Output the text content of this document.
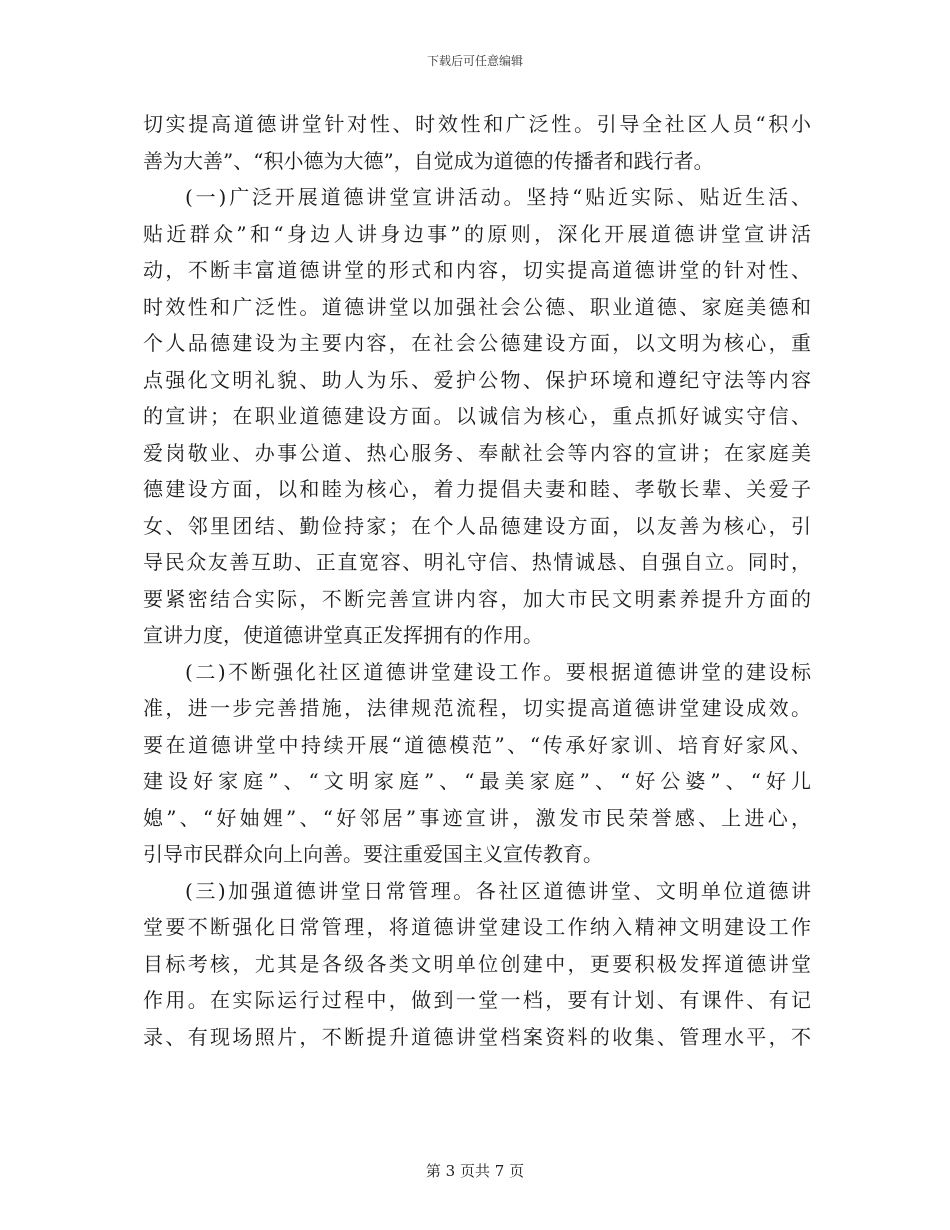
下载后可任意编辑
切实提高道德讲堂针对性、时效性和广泛性。引导全社区人员“积小
善为大善”、“积小德为大德”，自觉成为道德的传播者和践行者。
(一)广泛开展道德讲堂宣讲活动。坚持“贴近实际、贴近生活、
贴近群众”和“身边人讲身边事”的原则，深化开展道德讲堂宣讲活
动，不断丰富道德讲堂的形式和内容，切实提高道德讲堂的针对性、
时效性和广泛性。道德讲堂以加强社会公德、职业道德、家庭美德和
个人品德建设为主要内容，在社会公德建设方面，以文明为核心，重
点强化文明礼貌、助人为乐、爱护公物、保护环境和遵纪守法等内容
的宣讲；在职业道德建设方面。以诚信为核心，重点抓好诚实守信、
爱岗敬业、办事公道、热心服务、奉献社会等内容的宣讲；在家庭美
德建设方面，以和睦为核心，着力提倡夫妻和睦、孝敬长辈、关爱子
女、邻里团结、勤俭持家；在个人品德建设方面，以友善为核心，引
导民众友善互助、正直宽容、明礼守信、热情诚恳、自强自立。同时，
要紧密结合实际，不断完善宣讲内容，加大市民文明素养提升方面的
宣讲力度，使道德讲堂真正发挥拥有的作用。
(二)不断强化社区道德讲堂建设工作。要根据道德讲堂的建设标
准，进一步完善措施，法律规范流程，切实提高道德讲堂建设成效。
要在道德讲堂中持续开展“道德模范”、“传承好家训、培育好家风、
建设好家庭”、“文明家庭”、“最美家庭”、“好公婆”、“好儿
媳”、“好妯娌”、“好邻居”事迹宣讲，激发市民荣誉感、上进心，
引导市民群众向上向善。要注重爱国主义宣传教育。
(三)加强道德讲堂日常管理。各社区道德讲堂、文明单位道德讲
堂要不断强化日常管理，将道德讲堂建设工作纳入精神文明建设工作
目标考核，尤其是各级各类文明单位创建中，更要积极发挥道德讲堂
作用。在实际运行过程中，做到一堂一档，要有计划、有课件、有记
录、有现场照片，不断提升道德讲堂档案资料的收集、管理水平，不
第 3 页共 7 页
